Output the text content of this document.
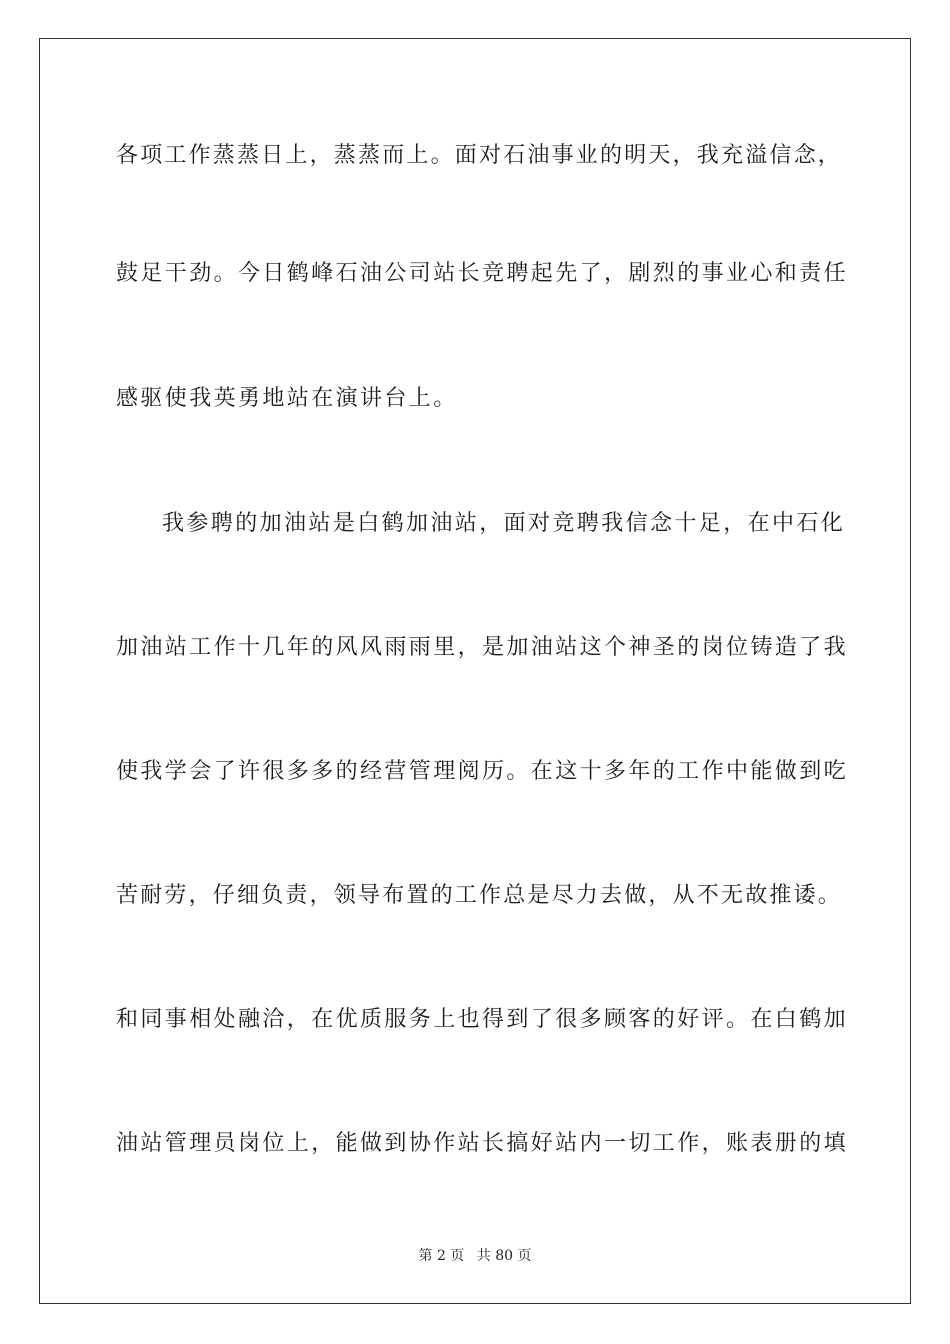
各项工作蒸蒸日上，蒸蒸而上。面对石油事业的明天，我充溢信念，
鼓足干劲。今日鹤峰石油公司站长竞聘起先了，剧烈的事业心和责任
感驱使我英勇地站在演讲台上。
我参聘的加油站是白鹤加油站，面对竞聘我信念十足，在中石化
加油站工作十几年的风风雨雨里，是加油站这个神圣的岗位铸造了我
使我学会了许很多多的经营管理阅历。在这十多年的工作中能做到吃
苦耐劳，仔细负责，领导布置的工作总是尽力去做，从不无故推诿。
和同事相处融洽，在优质服务上也得到了很多顾客的好评。在白鹤加
油站管理员岗位上，能做到协作站长搞好站内一切工作，账表册的填
第 2 页 共 80 页
